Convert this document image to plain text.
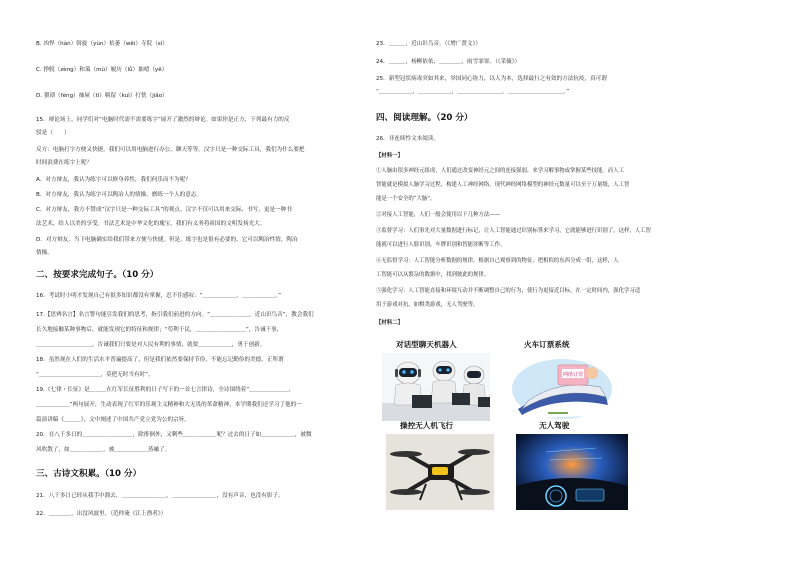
B. 凶悍（hàn）斡旋（yùn）桔萎（wěi）寺院（sì）
C. 挣脱（zèng）和蔼（mù）履历（lǚ）抽噎（yē）
D. 猥琐（fèng）抽屉（tì）羁留（kuì）打恍（jiǎo）
15．辩论场上，同学们对“电脑时代需不需要练字”展开了激烈的辩论。如果你是正方，下列最有力的反
驳是（　　）
反方：电脑打字方便又快捷，我们可以用电脑进行办公、聊天等等。汉字只是一种交际工具，我们为什么要把
时间浪费在练字上呢？
A．对方辩友，我认为练字可以修身养性，我们何乐而不为呢？
B．对方辩友，我认为练字可以陶冶人的情操，磨练一个人的意志。
C．对方辩友，我方不赞成“汉字只是一种交际工具”的观点。汉字不仅可以用来交际、书写，更是一种书
法艺术，给人以美的享受。书法艺术是中华文化的瑰宝，我们有义务将祖国的文明发扬光大。
D．对方辩友，当下电脑确实给我们带来方便与快捷。但是，练字也是很有必要的，它可以陶冶性情，陶冶
情操。
二、按要求完成句子。（10 分）
16．考试时小明才发现自己有很多知识都没有掌握，忍不住感叹：“＿＿＿＿＿＿，＿＿＿＿＿＿。”
17.【思辨名言】名言警句能引发我们的思考，指引我们前进的方向。“＿＿＿＿＿＿＿，近山识鸟音”，教会我们
长久地接触某种事物后，就能发现它的特征和规律；“苟利于民，＿＿＿＿＿＿＿＿＿”，告诫干事，
＿＿＿＿＿＿＿＿＿＿，告诫我们只要是对人民有利的事情，就要＿＿＿＿＿＿，勇于创新。
18．虽然现在人们的生活水平普遍提高了，但是我们依然要保持节俭，不能忘记勤俭的美德，正所谓
“＿＿＿＿＿＿＿＿＿＿＿，莫把无时当有时”。
19.《七律・长征》是＿＿＿在红军长征胜利的日子写下的一首七言律诗，全诗围绕着“＿＿＿＿＿＿＿，
＿＿＿＿＿＿”两句展开，生动表现了红军的乐观主义精神和大无畏的革命精神，本学期我们还学习了他的一
篇演讲稿《＿＿＿》，文中阐述了中国共产党立党为公的宗旨。
20．在八千多日的＿＿＿＿＿＿＿＿＿，除徘徊外，又剩些＿＿＿＿＿＿呢？过去的日子如＿＿＿＿＿＿，被微
风吹散了，如＿＿＿＿＿＿，被＿＿＿＿＿＿蒸融了。
三、古诗文积累。（10 分）
21．八千多日已经从我手中溜去，＿＿＿＿＿＿＿＿，＿＿＿＿＿＿＿＿，没有声音，也没有影子。
22．＿＿＿＿，出没风波里。（范仲淹《江上渔者》）
23．＿＿＿，近山识鸟音。（《增广贤文》）
24．＿＿＿，杨柳依依，＿＿＿＿，雨雪霏霏。（《采薇》）
25．新型冠状病毒突如其来，举国同心协力，以人为本，选择最行之有效的方法抗疫，真可谓
“＿＿＿＿＿＿，＿＿＿＿＿＿，＿＿＿＿＿＿＿＿，＿＿＿＿＿＿＿＿＿＿。”
四、阅读理解。（20 分）
26．非连续性文本阅读。
【材料一】
①人脑由很多神经元组成，人们通过改变神经元之间的连接强弱，来学习解事物或掌握某些技能。而人工
智能就是模拟人脑学习过程，构建人工神经网络。现代神经网络模型的神经元数量可以至于万量级，人工智
能是一个安全的“大脑”。
②对接人工智能，人们一般会使用以下几种方法——
③监督学习：人们事先对大量数据进行标记，让人工智能通过识别标签来学习，它就能够进行识别了。这样，人工智
能就可以进行人脸识别、车牌识别和智能诊断等工作。
④无监督学习：人工智能分析数据的规律，根据自己观察到的物征，把相似的东西分成一组，这样，人
工智能可以从繁杂的数据中，找到彼此的规律。
⑤强化学习：人工智能直接和环境互动并不断调整自己的行为，使行为更接近目标，在一定时间内，强化学习适
用于游戏对抗，如棋类游戏，无人驾驶等。
【材料二】
对话型聊天机器人	火车订票系统
操控无人机飞行	无人驾驶
网络订票
